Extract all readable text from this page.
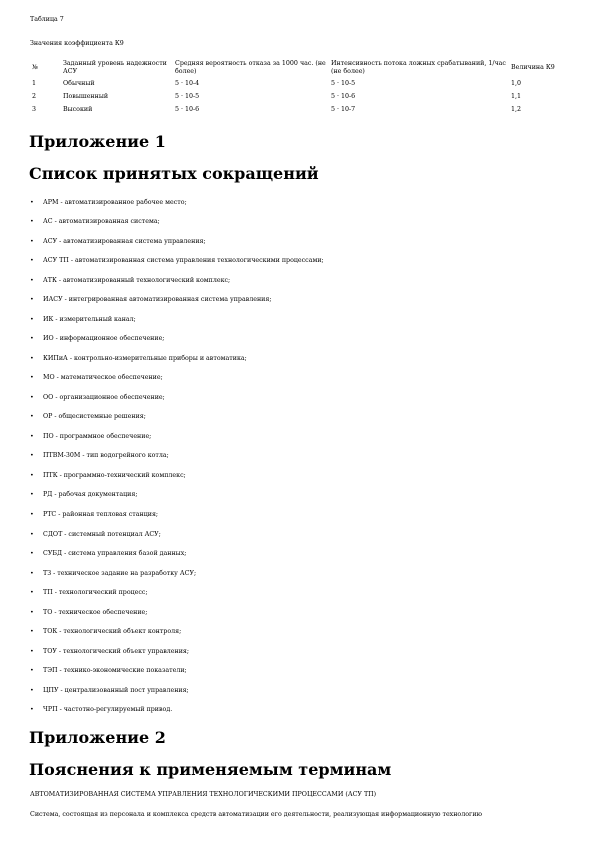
Таблица 7
Значения коэффициента К9
№	Заданный уровень надежности АСУ	Средняя вероятность отказа за 1000 час. (не более)	Интенсивность потока ложных срабатываний, 1/час (не более)	Величина К9
1	Обычный	5 · 10-4	5 · 10-5	1,0
2	Повышенный	5 · 10-5	5 · 10-6	1,1
3	Высокий	5 · 10-6	5 · 10-7	1,2
Приложение 1
Список принятых сокращений
•	АРМ - автоматизированное рабочее место;
•	АС - автоматизированная система;
•	АСУ - автоматизированная система управления;
•	АСУ ТП - автоматизированная система управления технологическими процессами;
•	АТК - автоматизированный технологический комплекс;
•	ИАСУ - интегрированная автоматизированная система управления;
•	ИК - измерительный канал;
•	ИО - информационное обеспечение;
•	КИПиА - контрольно-измерительные приборы и автоматика;
•	МО - математическое обеспечение;
•	ОО - организационное обеспечение;
•	ОР - общесистемные решения;
•	ПО - программное обеспечение;
•	ПТВМ-30М - тип водогрейного котла;
•	ПТК - программно-технический комплекс;
•	РД - рабочая документация;
•	РТС - районная тепловая станция;
•	СДОТ - системный потенциал АСУ;
•	СУБД - система управления базой данных;
•	ТЗ - техническое задание на разработку АСУ;
•	ТП - технологический процесс;
•	ТО - техническое обеспечение;
•	ТОК - технологический объект контроля;
•	ТОУ - технологический объект управления;
•	ТЭП - технико-экономические показатели;
•	ЦПУ - централизованный пост управления;
•	ЧРП - частотно-регулируемый привод.
Приложение 2
Пояснения к применяемым терминам
АВТОМАТИЗИРОВАННАЯ СИСТЕМА УПРАВЛЕНИЯ ТЕХНОЛОГИЧЕСКИМИ ПРОЦЕССАМИ (АСУ ТП)
Система, состоящая из персонала и комплекса средств автоматизации его деятельности, реализующая информационную технологию
